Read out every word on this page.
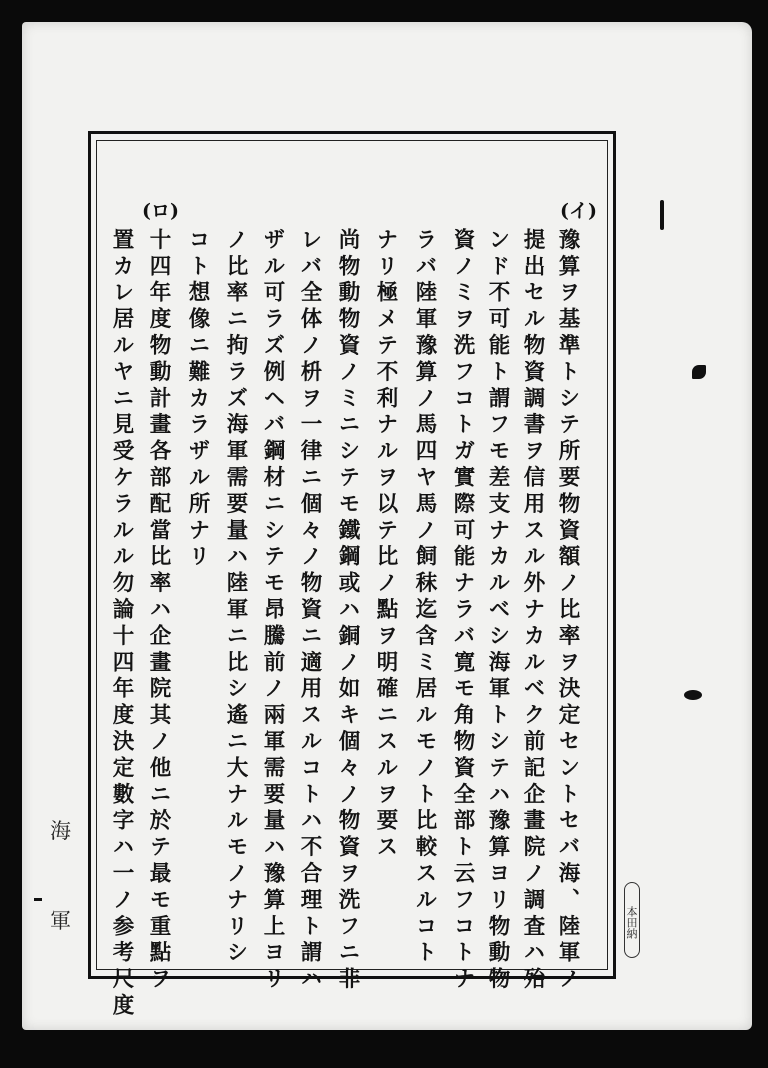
(イ)
(ロ)
豫算ヲ基準トシテ所要物資額ノ比率ヲ決定セントセバ海、陸軍ノ
提出セル物資調書ヲ信用スル外ナカルベク前記企畫院ノ調査ハ殆
ンド不可能ト謂フモ差支ナカルベシ海軍トシテハ豫算ヨリ物動物
資ノミヲ洗フコトガ實際可能ナラバ寛モ角物資全部ト云フコトナ
ラバ陸軍豫算ノ馬四ヤ馬ノ飼秣迄含ミ居ルモノト比較スルコト
ナリ極メテ不利ナルヲ以テ比ノ點ヲ明確ニスルヲ要ス
尚物動物資ノミニシテモ鐵鋼或ハ銅ノ如キ個々ノ物資ヲ洗フニ非
レバ全体ノ枡ヲ一律ニ個々ノ物資ニ適用スルコトハ不合理ト謂ハ
ザル可ラズ例ヘバ鋼材ニシテモ昂騰前ノ兩軍需要量ハ豫算上ヨリ
ノ比率ニ拘ラズ海軍需要量ハ陸軍ニ比シ遙ニ大ナルモノナリシ
コト想像ニ難カラザル所ナリ
十四年度物動計畫各部配當比率ハ企畫院其ノ他ニ於テ最モ重點ヲ
置カレ居ルヤニ見受ケラルル勿論十四年度決定數字ハ一ノ参考尺度
海
軍	本田納
